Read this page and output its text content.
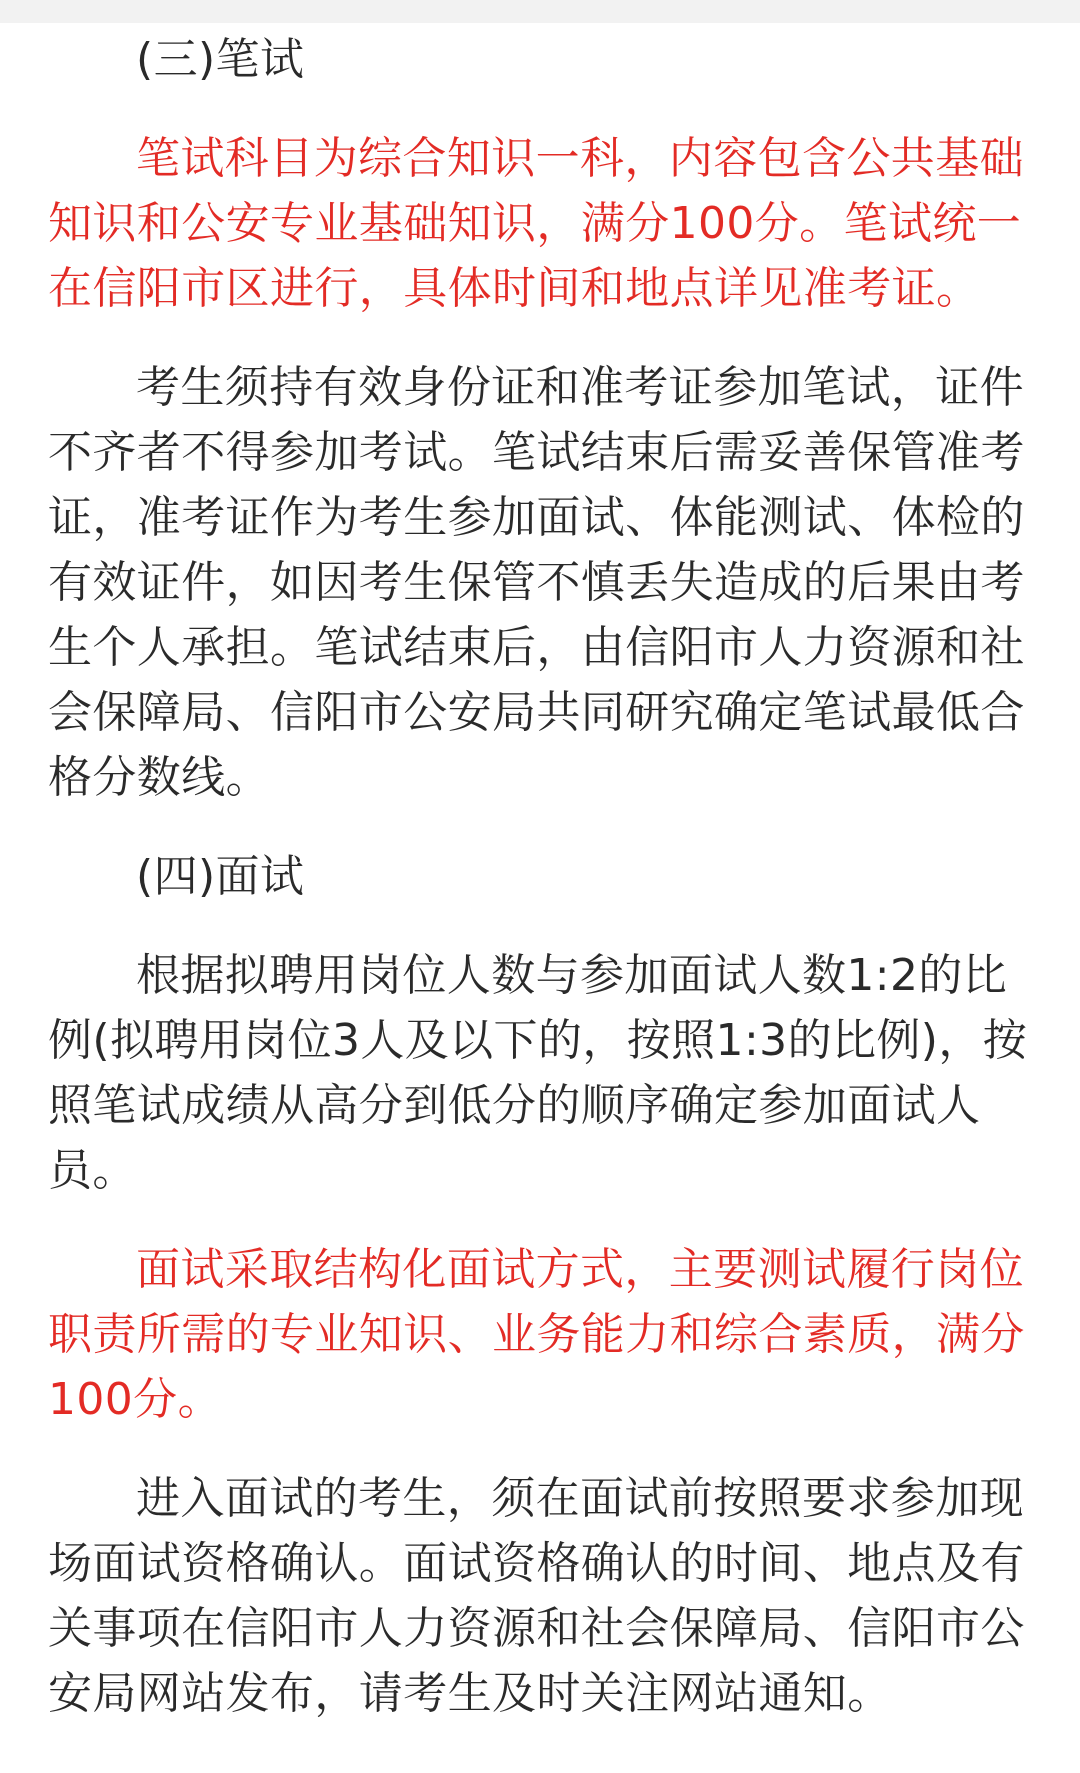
(三)笔试
笔试科目为综合知识一科，内容包含公共基础
知识和公安专业基础知识，满分100分。笔试统一
在信阳市区进行，具体时间和地点详见准考证。
考生须持有效身份证和准考证参加笔试，证件
不齐者不得参加考试。笔试结束后需妥善保管准考
证，准考证作为考生参加面试、体能测试、体检的
有效证件，如因考生保管不慎丢失造成的后果由考
生个人承担。笔试结束后，由信阳市人力资源和社
会保障局、信阳市公安局共同研究确定笔试最低合
格分数线。
(四)面试
根据拟聘用岗位人数与参加面试人数1:2的比
例(拟聘用岗位3人及以下的，按照1:3的比例)，按
照笔试成绩从高分到低分的顺序确定参加面试人
员。
面试采取结构化面试方式，主要测试履行岗位
职责所需的专业知识、业务能力和综合素质，满分
100分。
进入面试的考生，须在面试前按照要求参加现
场面试资格确认。面试资格确认的时间、地点及有
关事项在信阳市人力资源和社会保障局、信阳市公
安局网站发布，请考生及时关注网站通知。
